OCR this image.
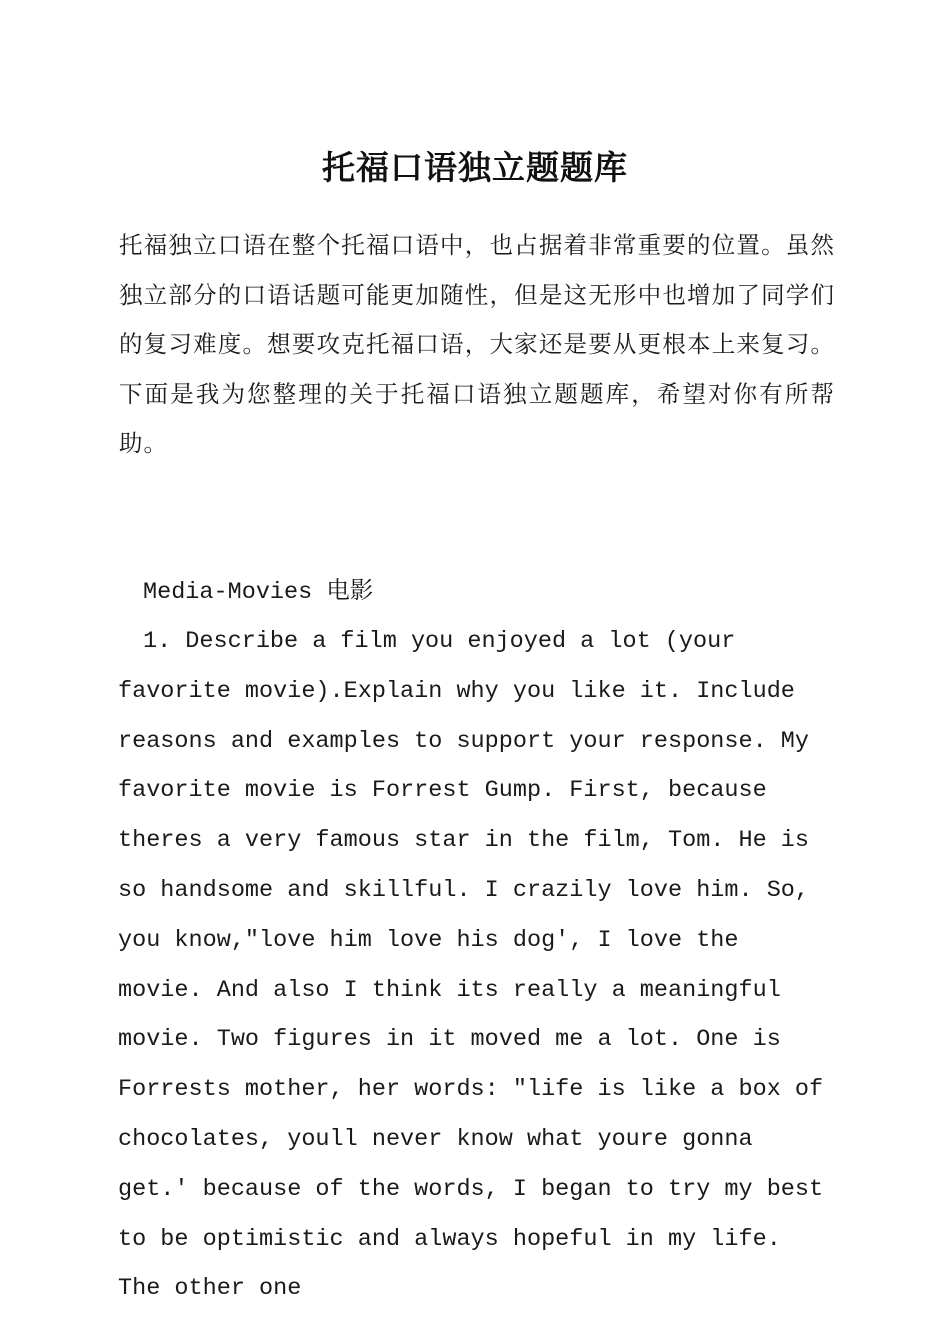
托福口语独立题题库

托福独立口语在整个托福口语中，也占据着非常重要的位置。虽然独立部分的口语话题可能更加随性，但是这无形中也增加了同学们的复习难度。想要攻克托福口语，大家还是要从更根本上来复习。下面是我为您整理的关于托福口语独立题题库，希望对你有所帮助。

Media-Movies 电影

1. Describe a film you enjoyed a lot (your favorite movie).Explain why you like it. Include reasons and examples to support your response. My favorite movie is Forrest Gump. First, because theres a very famous star in the film, Tom. He is so handsome and skillful. I crazily love him. So, you know,"love him love his dog', I love the movie. And also I think its really a meaningful movie. Two figures in it moved me a lot. One is Forrests mother, her words: "life is like a box of chocolates, youll never know what youre gonna get.' because of the words, I began to try my best to be optimistic and always hopeful in my life. The other one
